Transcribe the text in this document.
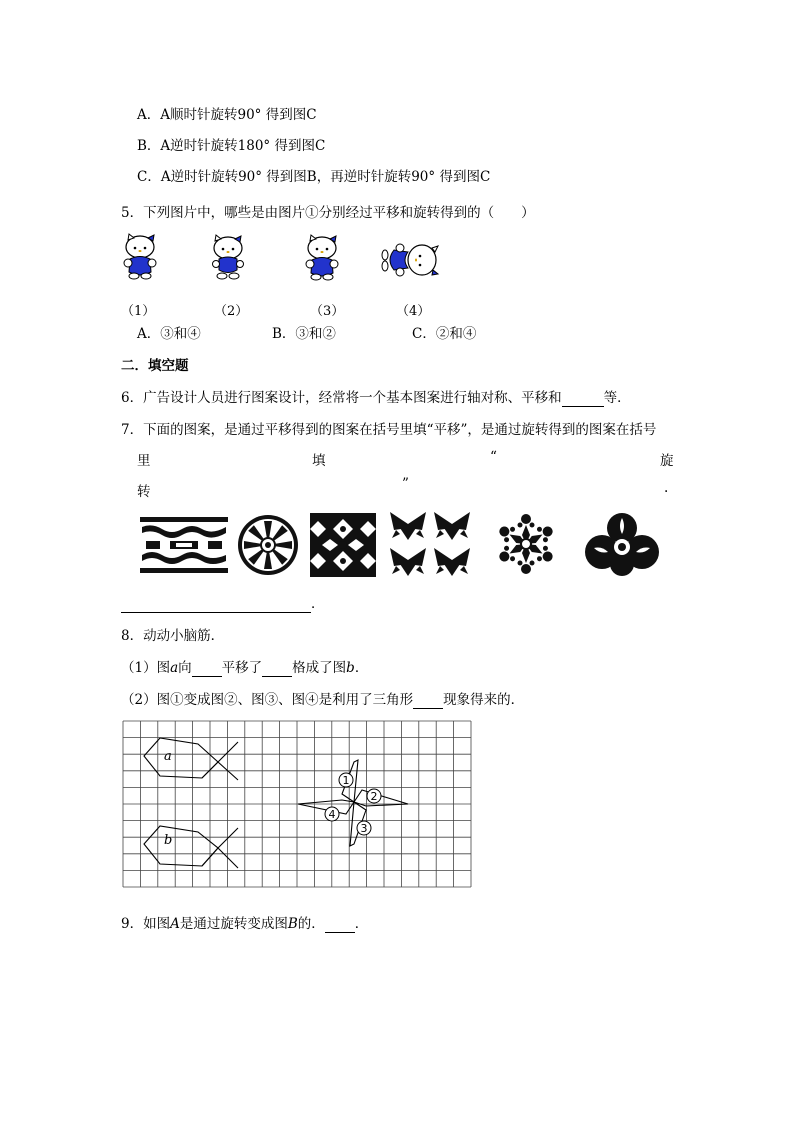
A．A顺时针旋转90° 得到图C
B．A逆时针旋转180° 得到图C
C．A逆时针旋转90° 得到图B，再逆时针旋转90° 得到图C
5．下列图片中，哪些是由图片①分别经过平移和旋转得到的（　　）
（1）	（2）	（3）	（4）
A．③和④	B．③和②	C．②和④
二．填空题
6．广告设计人员进行图案设计，经常将一个基本图案进行轴对称、平移和	等．
7．下面的图案，是通过平移得到的图案在括号里填“平移”，是通过旋转得到的图案在括号
里	填	“	旋
转	”	.
．
8．动动小脑筋．
（1）图a向 平移了 格成了图b．
（2）图①变成图②、图③、图④是利用了三角形 现象得来的．
a
b
1
2
3
4
9．如图A是通过旋转变成图B的． ．
